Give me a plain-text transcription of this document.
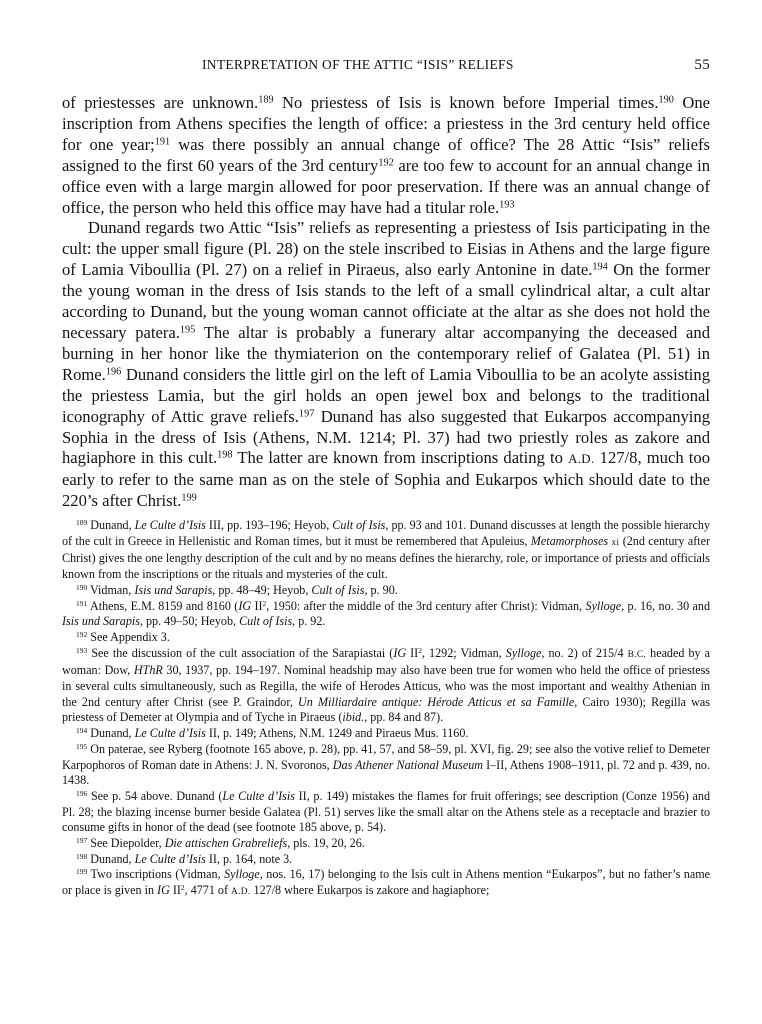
INTERPRETATION OF THE ATTIC “ISIS” RELIEFS	55

of priestesses are unknown.$^{189}$ No priestess of Isis is known before Imperial times.$^{190}$ One inscription from Athens specifies the length of office: a priestess in the 3rd century held office for one year;$^{191}$ was there possibly an annual change of office? The 28 Attic “Isis” reliefs assigned to the first 60 years of the 3rd century$^{192}$ are too few to account for an annual change in office even with a large margin allowed for poor preservation. If there was an annual change of office, the person who held this office may have had a titular role.$^{193}$

Dunand regards two Attic “Isis” reliefs as representing a priestess of Isis participating in the cult: the upper small figure (Pl. 28) on the stele inscribed to Eisias in Athens and the large figure of Lamia Viboullia (Pl. 27) on a relief in Piraeus, also early Antonine in date.$^{194}$ On the former the young woman in the dress of Isis stands to the left of a small cylindrical altar, a cult altar according to Dunand, but the young woman cannot officiate at the altar as she does not hold the necessary patera.$^{195}$ The altar is probably a funerary altar accompanying the deceased and burning in her honor like the thymiaterion on the contemporary relief of Galatea (Pl. 51) in Rome.$^{196}$ Dunand considers the little girl on the left of Lamia Viboullia to be an acolyte assisting the priestess Lamia, but the girl holds an open jewel box and belongs to the traditional iconography of Attic grave reliefs.$^{197}$ Dunand has also suggested that Eukarpos accompanying Sophia in the dress of Isis (Athens, N.M. 1214; Pl. 37) had two priestly roles as zakore and hagiaphore in this cult.$^{198}$ The latter are known from inscriptions dating to A.D. 127/8, much too early to refer to the same man as on the stele of Sophia and Eukarpos which should date to the 220’s after Christ.$^{199}$

$^{189}$ Dunand, Le Culte d’Isis III, pp. 193–196; Heyob, Cult of Isis, pp. 93 and 101. Dunand discusses at length the possible hierarchy of the cult in Greece in Hellenistic and Roman times, but it must be remembered that Apuleius, Metamorphoses xi (2nd century after Christ) gives the one lengthy description of the cult and by no means defines the hierarchy, role, or importance of priests and officials known from the inscriptions or the rituals and mysteries of the cult.

$^{190}$ Vidman, Isis und Sarapis, pp. 48–49; Heyob, Cult of Isis, p. 90.

$^{191}$ Athens, E.M. 8159 and 8160 (IG $II^2$, 1950: after the middle of the 3rd century after Christ): Vidman, Sylloge, p. 16, no. 30 and Isis und Sarapis, pp. 49–50; Heyob, Cult of Isis, p. 92.

$^{192}$ See Appendix 3.

$^{193}$ See the discussion of the cult association of the Sarapiastai (IG $II^2$, 1292; Vidman, Sylloge, no. 2) of 215/4 B.C. headed by a woman: Dow, HThR 30, 1937, pp. 194–197. Nominal headship may also have been true for women who held the office of priestess in several cults simultaneously, such as Regilla, the wife of Herodes Atticus, who was the most important and wealthy Athenian in the 2nd century after Christ (see P. Graindor, Un Milliardaire antique: Hérode Atticus et sa Famille, Cairo 1930); Regilla was priestess of Demeter at Olympia and of Tyche in Piraeus (ibid., pp. 84 and 87).

$^{194}$ Dunand, Le Culte d’Isis II, p. 149; Athens, N.M. 1249 and Piraeus Mus. 1160.

$^{195}$ On paterae, see Ryberg (footnote 165 above, p. 28), pp. 41, 57, and 58–59, pl. XVI, fig. 29; see also the votive relief to Demeter Karpophoros of Roman date in Athens: J. N. Svoronos, Das Athener National Museum I–II, Athens 1908–1911, pl. 72 and p. 439, no. 1438.

$^{196}$ See p. 54 above. Dunand (Le Culte d’Isis II, p. 149) mistakes the flames for fruit offerings; see description (Conze 1956) and Pl. 28; the blazing incense burner beside Galatea (Pl. 51) serves like the small altar on the Athens stele as a receptacle and brazier to consume gifts in honor of the dead (see footnote 185 above, p. 54).

$^{197}$ See Diepolder, Die attischen Grabreliefs, pls. 19, 20, 26.

$^{198}$ Dunand, Le Culte d’Isis II, p. 164, note 3.

$^{199}$ Two inscriptions (Vidman, Sylloge, nos. 16, 17) belonging to the Isis cult in Athens mention “Eukarpos”, but no father’s name or place is given in IG $II^2$, 4771 of A.D. 127/8 where Eukarpos is zakore and hagiaphore;
